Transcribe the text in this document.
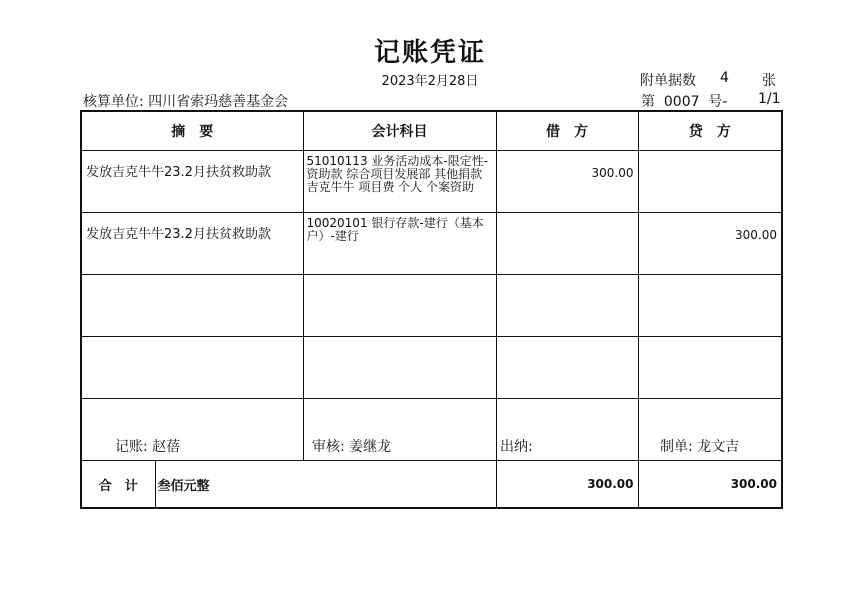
记账凭证
2023年2月28日	附单据数 4 张
核算单位: 四川省索玛慈善基金会	第  0007  号- 1/1
摘　要		会计科目	借　方	贷　方
发放吉克牛牛23.2月扶贫救助款		51010113 业务活动成本-限定性-资助款 综合项目发展部 其他捐款 吉克牛牛 项目费 个人 个案资助	300.00	
发放吉克牛牛23.2月扶贫救助款		10020101 银行存款-建行（基本户）-建行		300.00

合　计	叁佰元整		300.00	300.00
记账: 赵蓓	审核: 姜继龙	出纳:	制单: 龙文吉
